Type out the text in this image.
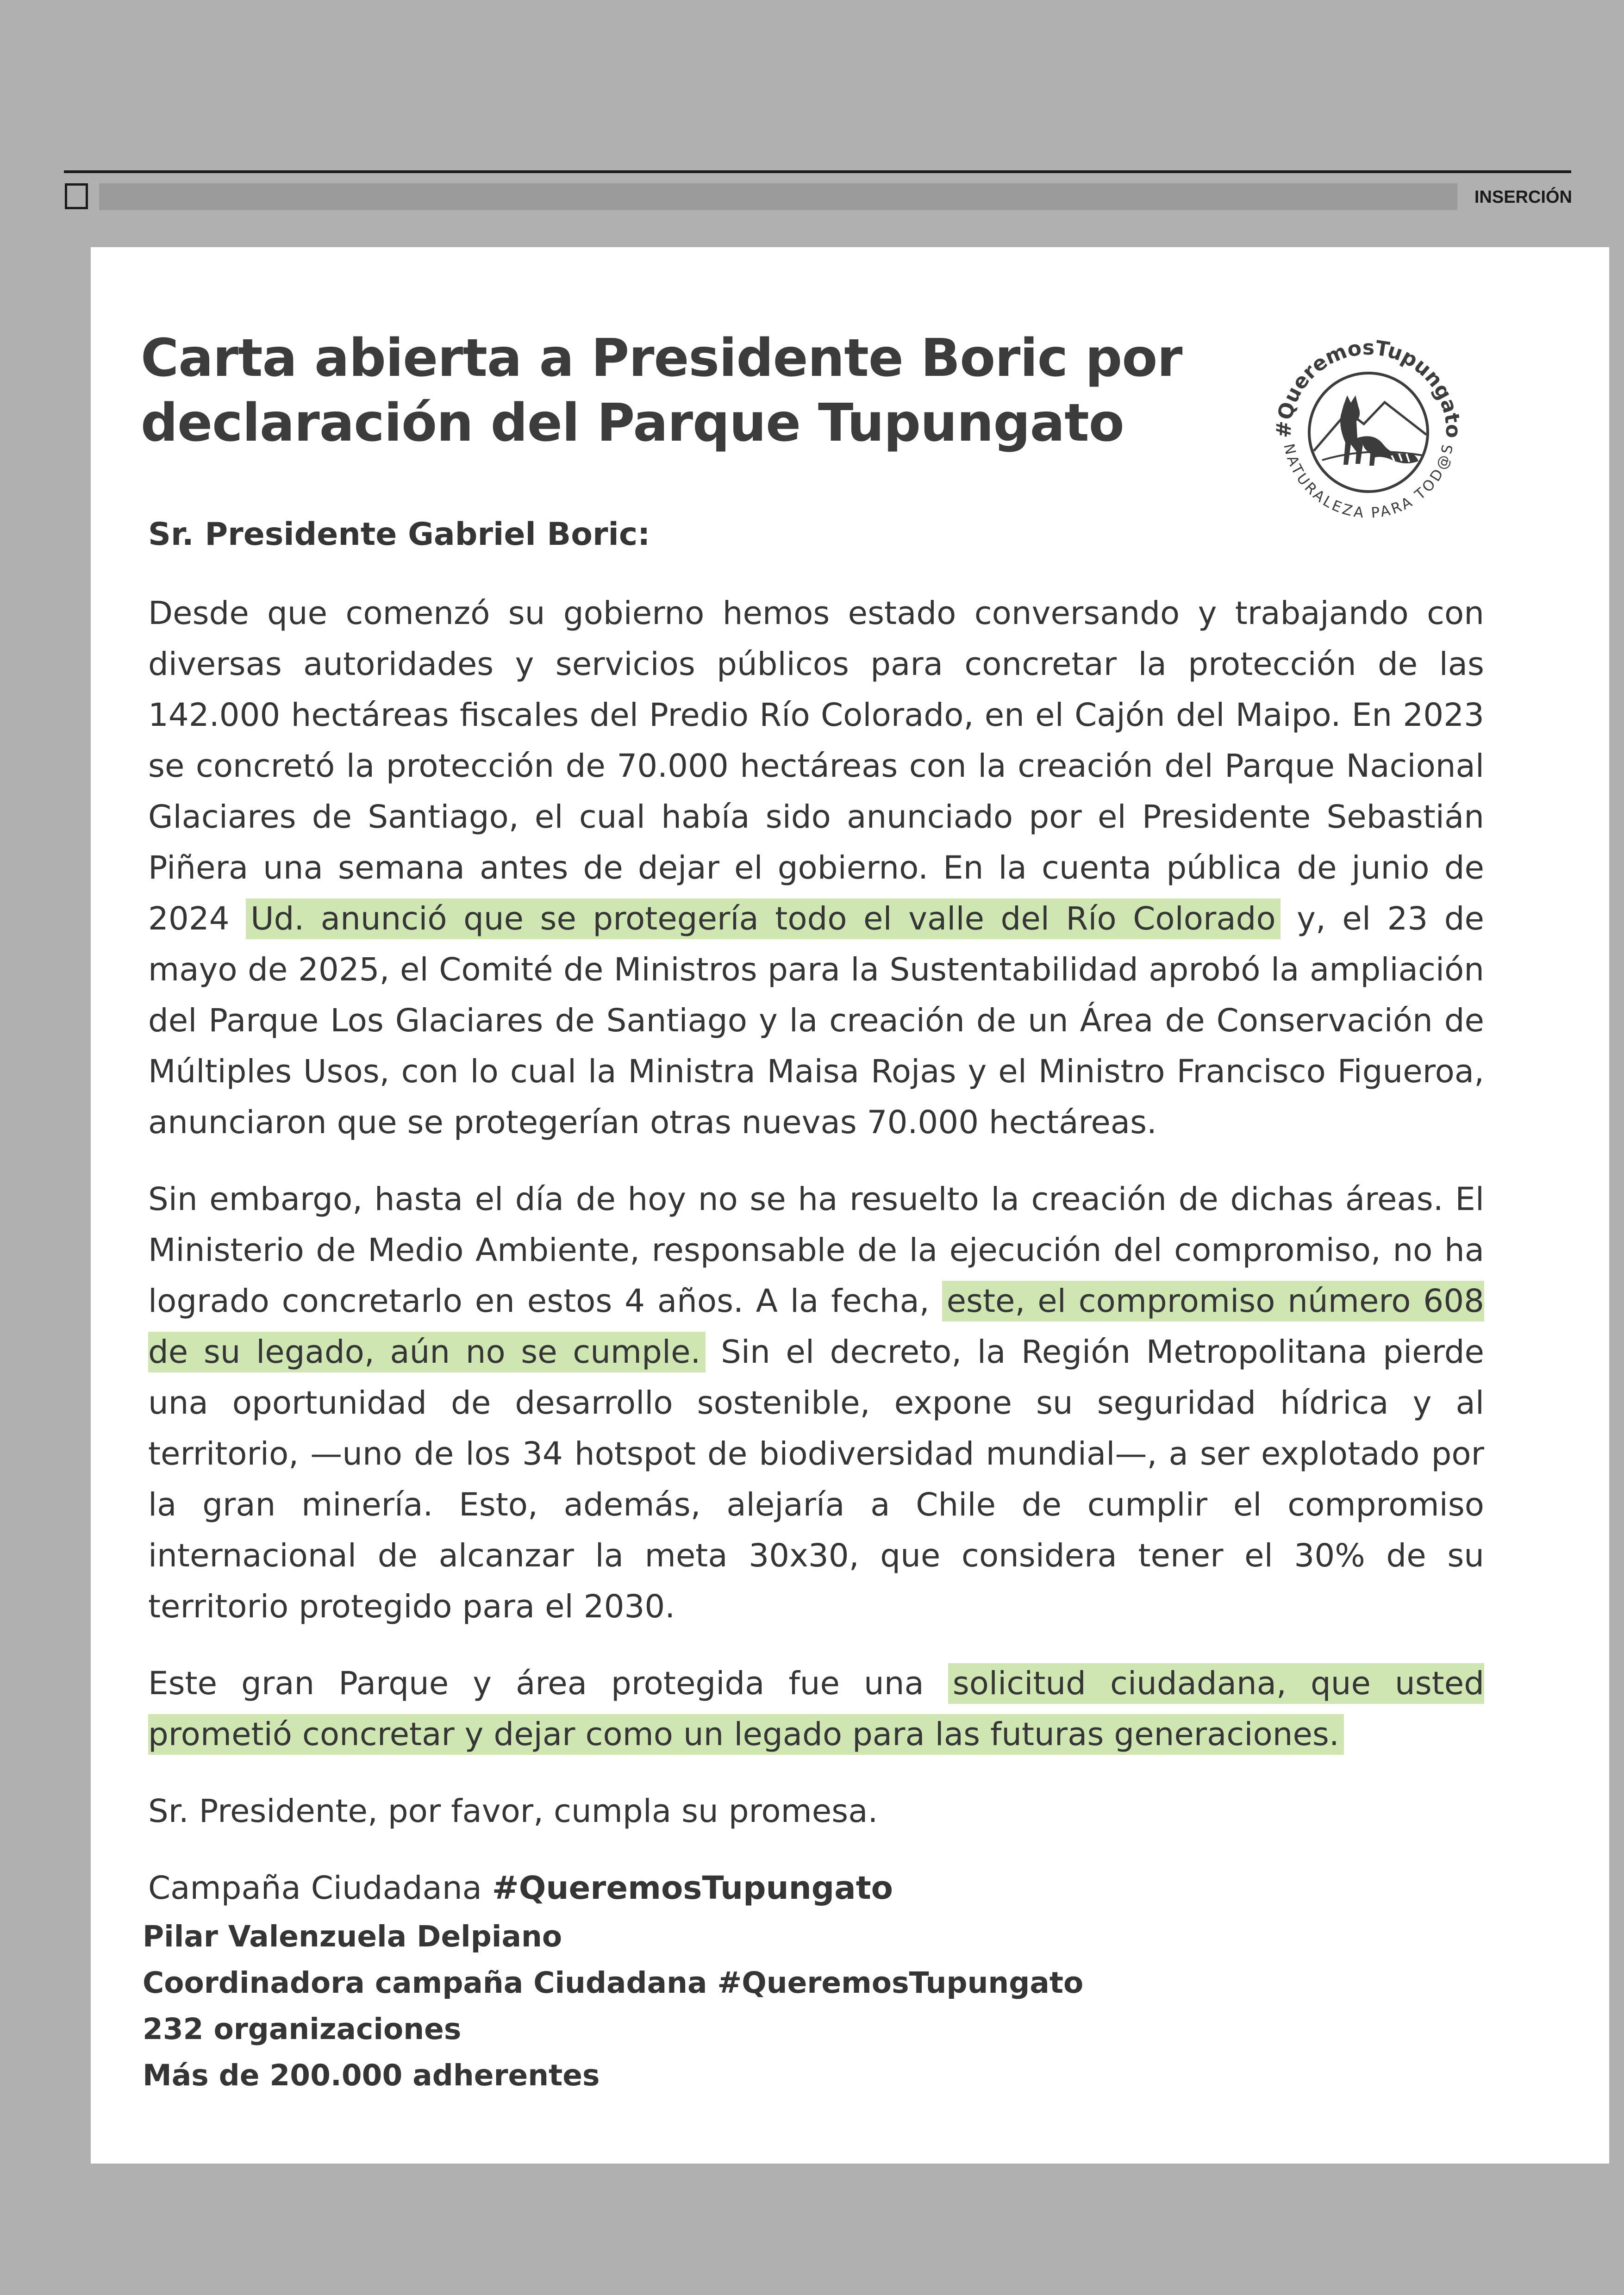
INSERCIÓN
Carta abierta a Presidente Boric por
declaración del Parque Tupungato	#QueremosTupungato
NATURALEZA PARA TOD@S

Sr. Presidente Gabriel Boric:

Desde que comenzó su gobierno hemos estado conversando y trabajando con diversas autoridades y servicios públicos para concretar la protección de las 142.000 hectáreas fiscales del Predio Río Colorado, en el Cajón del Maipo. En 2023 se concretó la protección de 70.000 hectáreas con la creación del Parque Nacional Glaciares de Santiago, el cual había sido anunciado por el Presidente Sebastián Piñera una semana antes de dejar el gobierno. En la cuenta pública de junio de 2024 Ud. anunció que se protegería todo el valle del Río Colorado y, el 23 de mayo de 2025, el Comité de Ministros para la Sustentabilidad aprobó la ampliación del Parque Los Glaciares de Santiago y la creación de un Área de Conservación de Múltiples Usos, con lo cual la Ministra Maisa Rojas y el Ministro Francisco Figueroa, anunciaron que se protegerían otras nuevas 70.000 hectáreas.

Sin embargo, hasta el día de hoy no se ha resuelto la creación de dichas áreas. El Ministerio de Medio Ambiente, responsable de la ejecución del compromiso, no ha logrado concretarlo en estos 4 años. A la fecha, este, el compromiso número 608 de su legado, aún no se cumple. Sin el decreto, la Región Metropolitana pierde una oportunidad de desarrollo sostenible, expone su seguridad hídrica y al territorio, —uno de los 34 hotspot de biodiversidad mundial—, a ser explotado por la gran minería. Esto, además, alejaría a Chile de cumplir el compromiso internacional de alcanzar la meta 30x30, que considera tener el 30% de su territorio protegido para el 2030.

Este gran Parque y área protegida fue una solicitud ciudadana, que usted prometió concretar y dejar como un legado para las futuras generaciones.

Sr. Presidente, por favor, cumpla su promesa.

Campaña Ciudadana #QueremosTupungato

Pilar Valenzuela Delpiano
Coordinadora campaña Ciudadana #QueremosTupungato
232 organizaciones
Más de 200.000 adherentes
